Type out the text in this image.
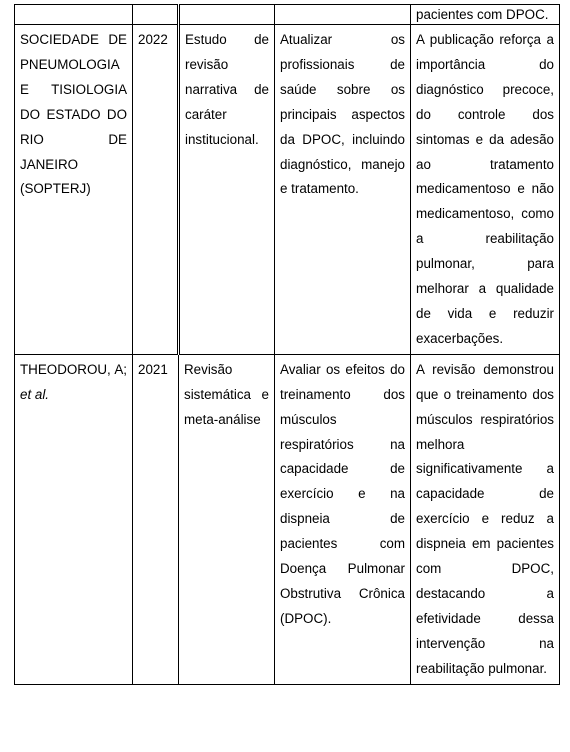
				pacientes com DPOC.
SOCIEDADE DE PNEUMOLOGIA E TISIOLOGIA DO ESTADO DO RIO DE JANEIRO (SOPTERJ)	2022	Estudo de revisão narrativa de caráter institucional.	Atualizar os profissionais de saúde sobre os principais aspectos da DPOC, incluindo diagnóstico, manejo e tratamento.	A publicação reforça a importância do diagnóstico precoce, do controle dos sintomas e da adesão ao tratamento medicamentoso e não medicamentoso, como a reabilitação pulmonar, para melhorar a qualidade de vida e reduzir exacerbações.
THEODOROU, A; et al.	2021	Revisão sistemática e meta-análise	Avaliar os efeitos do treinamento dos músculos respiratórios na capacidade de exercício e na dispneia de pacientes com Doença Pulmonar Obstrutiva Crônica (DPOC).	A revisão demonstrou que o treinamento dos músculos respiratórios melhora significativamente a capacidade de exercício e reduz a dispneia em pacientes com DPOC, destacando a efetividade dessa intervenção na reabilitação pulmonar.
